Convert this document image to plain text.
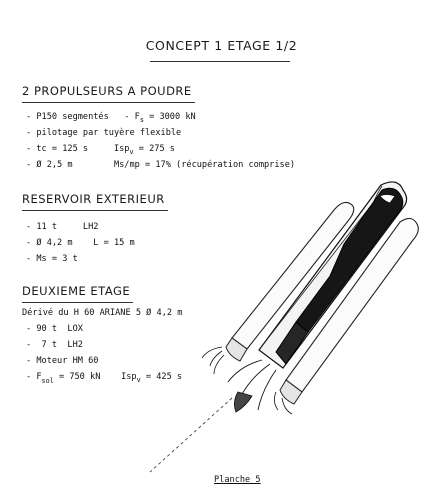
CONCEPT 1 ETAGE 1/2
2 PROPULSEURS A POUDRE
- P150 segmentés   - $F_s = 3000$ kN
- pilotage par tuyère flexible
- tc = 125 s     Isp$_v$ = 275 s
- Ø 2,5 m        Ms/mp = 17% (récupération comprise)
RESERVOIR EXTERIEUR
- 11 t     LH2
- Ø 4,2 m    L = 15 m
- Ms = 3 t
DEUXIEME ETAGE
Dérivé du H 60 ARIANE 5 Ø 4,2 m
- 90 t  LOX
-  7 t  LH2
- Moteur HM 60
- $F_{sol} = 750$ kN    Isp$_v$ = 425 s
Planche 5
